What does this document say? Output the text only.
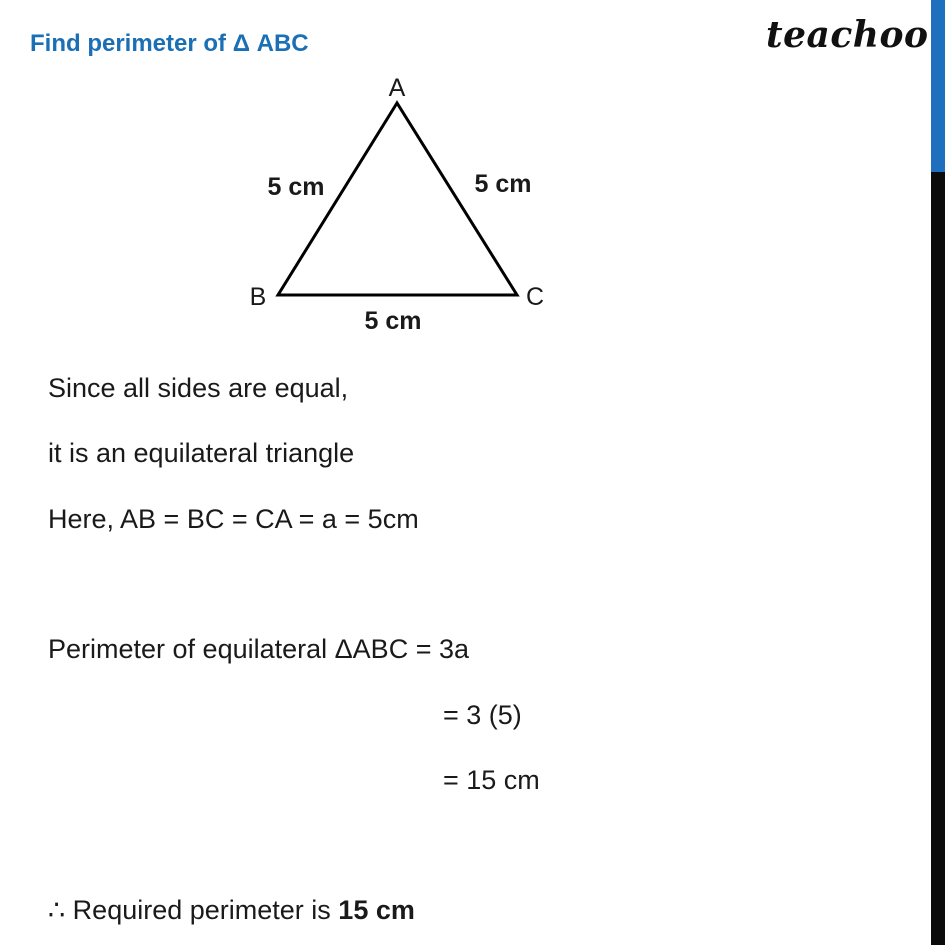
Find perimeter of Δ ABC	teachoo
A
B	C
5 cm	5 cm
5 cm
Since all sides are equal,
it is an equilateral triangle
Here, AB = BC = CA = a = 5cm
Perimeter of equilateral ΔABC = 3a
= 3 (5)
= 15 cm
∴ Required perimeter is 15 cm
